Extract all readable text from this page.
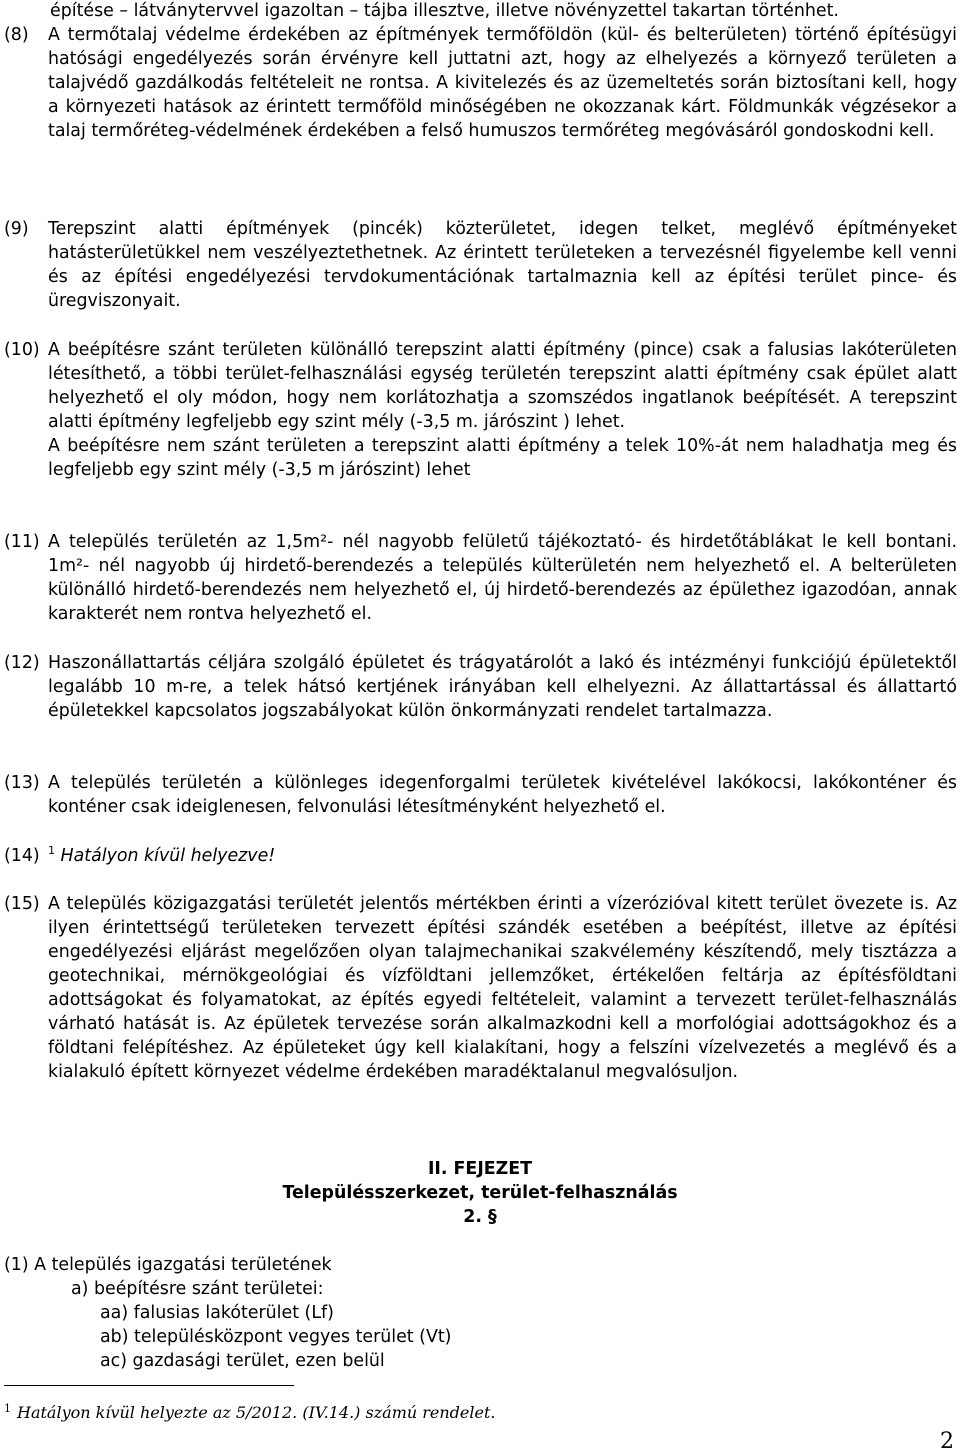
építése – látványtervvel igazoltan – tájba illesztve, illetve növényzettel takartan történhet.

(8)	A termőtalaj védelme érdekében az építmények termőföldön (kül- és belterületen) történő építésügyi hatósági engedélyezés során érvényre kell juttatni azt, hogy az elhelyezés a környező területen a talajvédő gazdálkodás feltételeit ne rontsa. A kivitelezés és az üzemeltetés során biztosítani kell, hogy a környezeti hatások az érintett termőföld minőségében ne okozzanak kárt. Földmunkák végzésekor a talaj termőréteg-védelmének érdekében a felső humuszos termőréteg megóvásáról gondoskodni kell.
(9)	Terepszint alatti építmények (pincék) közterületet, idegen telket, meglévő építményeket hatásterületükkel nem veszélyeztethetnek. Az érintett területeken a tervezésnél figyelembe kell venni és az építési engedélyezési tervdokumentációnak tartalmaznia kell az építési terület pince- és üregviszonyait.
(10) A beépítésre szánt területen különálló terepszint alatti építmény (pince) csak a falusias lakóterületen létesíthető, a többi terület-felhasználási egység területén terepszint alatti építmény csak épület alatt helyezhető el oly módon, hogy nem korlátozhatja a szomszédos ingatlanok beépítését. A terepszint alatti építmény legfeljebb egy szint mély (-3,5 m. járószint ) lehet.
A beépítésre nem szánt területen a terepszint alatti építmény a telek 10%-át nem haladhatja meg és legfeljebb egy szint mély (-3,5 m járószint) lehet
(11) A település területén az 1,5m²- nél nagyobb felületű tájékoztató- és hirdetőtáblákat le kell bontani. 1m²- nél nagyobb új hirdető-berendezés a település külterületén nem helyezhető el. A belterületen különálló hirdető-berendezés nem helyezhető el, új hirdető-berendezés az épülethez igazodóan, annak karakterét nem rontva helyezhető el.
(12) Haszonállattartás céljára szolgáló épületet és trágyatárolót a lakó és intézményi funkciójú épületektől legalább 10 m-re, a telek hátsó kertjének irányában kell elhelyezni. Az állattartással és állattartó épületekkel kapcsolatos jogszabályokat külön önkormányzati rendelet tartalmazza.
(13) A település területén a különleges idegenforgalmi területek kivételével lakókocsi, lakókonténer és konténer csak ideiglenesen, felvonulási létesítményként helyezhető el.
(14) $^1$ Hatályon kívül helyezve!
(15) A település közigazgatási területét jelentős mértékben érinti a vízerózióval kitett terület övezete is. Az ilyen érintettségű területeken tervezett építési szándék esetében a beépítést, illetve az építési engedélyezési eljárást megelőzően olyan talajmechanikai szakvélemény készítendő, mely tisztázza a geotechnikai, mérnökgeológiai és vízföldtani jellemzőket, értékelően feltárja az építésföldtani adottságokat és folyamatokat, az építés egyedi feltételeit, valamint a tervezett terület-felhasználás várható hatását is. Az épületek tervezése során alkalmazkodni kell a morfológiai adottságokhoz és a földtani felépítéshez. Az épületeket úgy kell kialakítani, hogy a felszíni vízelvezetés a meglévő és a kialakuló épített környezet védelme érdekében maradéktalanul megvalósuljon.

II. FEJEZET

Településszerkezet, terület-felhasználás

2. §

(1) A település igazgatási területének

a) beépítésre szánt területei:

aa) falusias lakóterület (Lf)

ab) településközpont vegyes terület (Vt)

ac) gazdasági terület, ezen belül

$^1$ Hatályon kívül helyezte az 5/2012. (IV.14.) számú rendelet.

2
